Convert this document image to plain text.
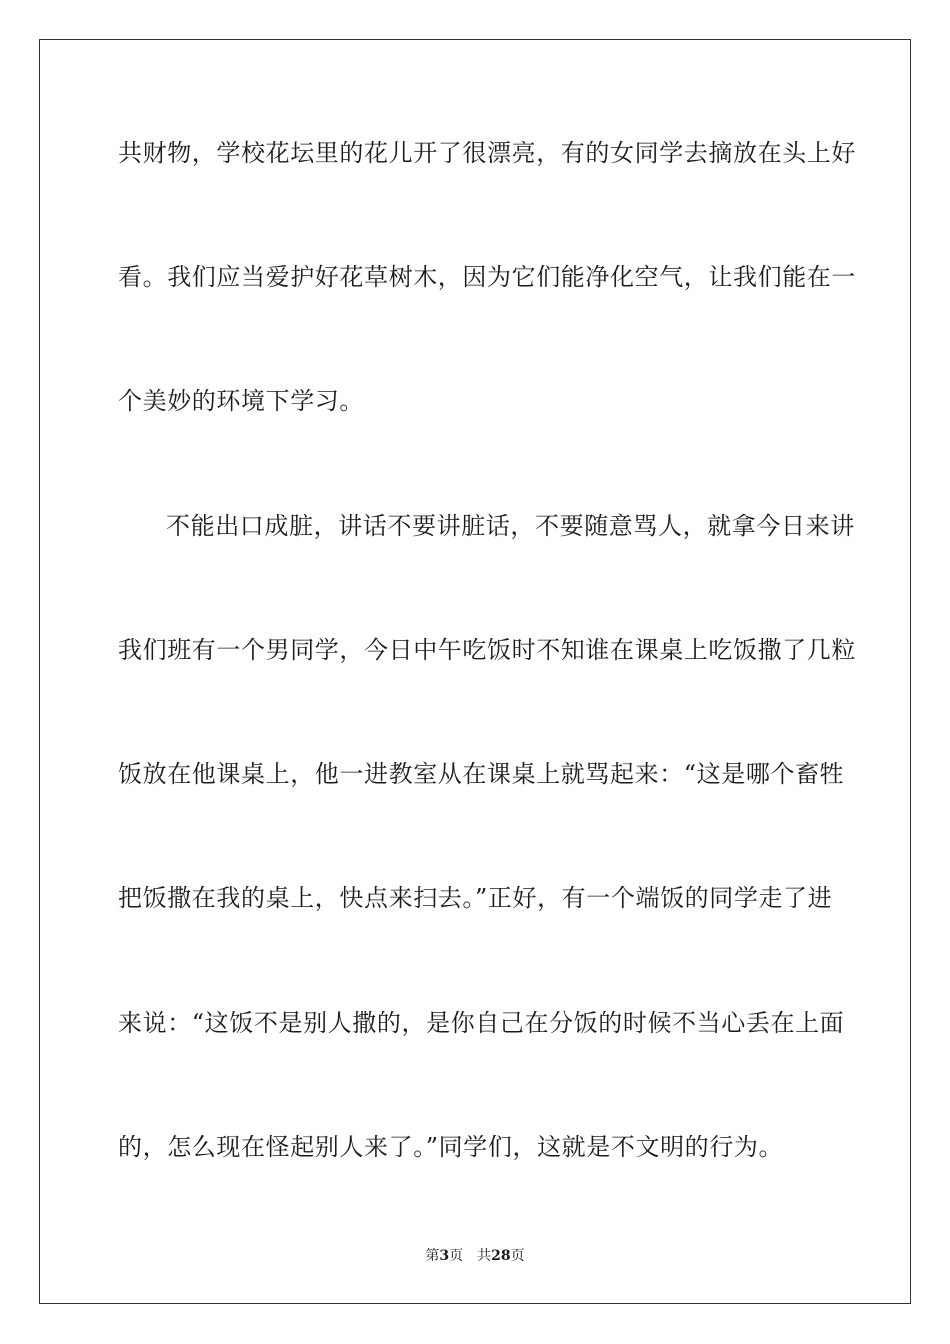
共财物，学校花坛里的花儿开了很漂亮，有的女同学去摘放在头上好
看。我们应当爱护好花草树木，因为它们能净化空气，让我们能在一
个美妙的环境下学习。
不能出口成脏，讲话不要讲脏话，不要随意骂人，就拿今日来讲
我们班有一个男同学，今日中午吃饭时不知谁在课桌上吃饭撒了几粒
饭放在他课桌上，他一进教室从在课桌上就骂起来：“这是哪个畜牲
把饭撒在我的桌上，快点来扫去。”正好，有一个端饭的同学走了进
来说：“这饭不是别人撒的，是你自己在分饭的时候不当心丢在上面
的，怎么现在怪起别人来了。”同学们，这就是不文明的行为。
第3页 共28页
